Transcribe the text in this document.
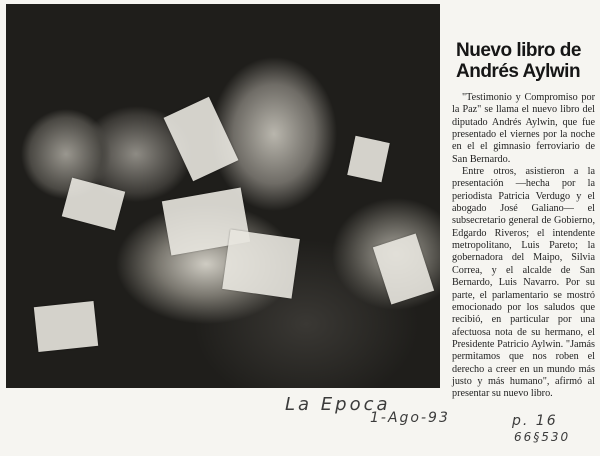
Nuevo libro de
Andrés Aylwin

"Testimonio y Compromiso por la Paz" se llama el nuevo libro del diputado Andrés Aylwin, que fue presentado el viernes por la noche en el el gimnasio ferroviario de San Bernardo.

Entre otros, asistieron a la presentación —hecha por la periodista Patricia Verdugo y el abogado José Galiano— el subsecretario general de Gobierno, Edgardo Riveros; el intendente metropolitano, Luis Pareto; la gobernadora del Maipo, Silvia Correa, y el alcalde de San Bernardo, Luis Navarro. Por su parte, el parlamentario se mostró emocionado por los saludos que recibió, en particular por una afectuosa nota de su hermano, el Presidente Patricio Aylwin. "Jamás permitamos que nos roben el derecho a creer en un mundo más justo y más humano", afirmó al presentar su nuevo libro.

La Epoca
1-Ago-93	p. 16
66§530
